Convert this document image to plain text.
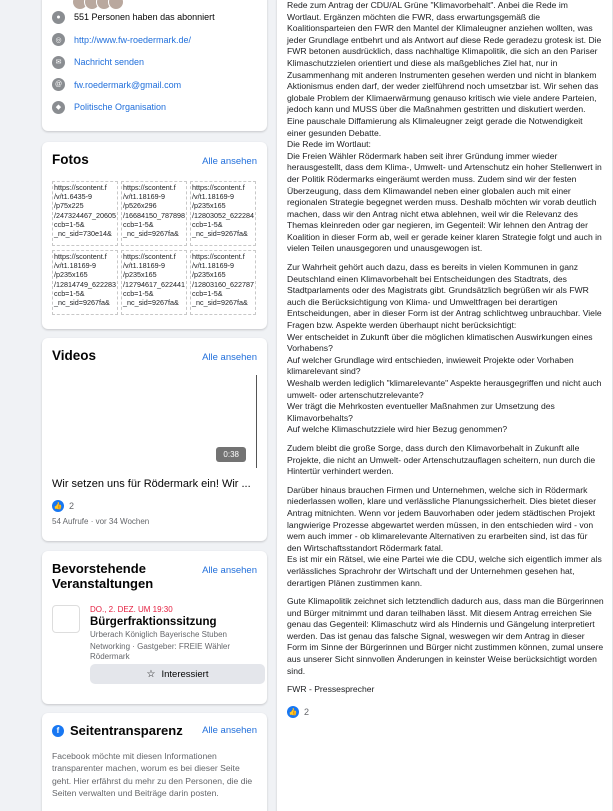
●	551 Personen haben das abonniert
◎	http://www.fw-roedermark.de/
✉	Nachricht senden
@	fw.roedermark@gmail.com
◆	Politische Organisation
Fotos	Alle ansehen
https://scontent.f
/v/t1.6435-9
/p75x225
/247324467_20605
ccb=1-5&
_nc_sid=730e14&
https://scontent.f
/v/t1.18169-9
/p526x296
/16684150_787898
ccb=1-5&
_nc_sid=9267fa&
https://scontent.f
/v/t1.18169-9
/p235x165
/12803052_622284
ccb=1-5&
_nc_sid=9267fa&
https://scontent.f
/v/t1.18169-9
/p235x165
/12814749_622283
ccb=1-5&
_nc_sid=9267fa&
https://scontent.f
/v/t1.18169-9
/p235x165
/12794617_622441
ccb=1-5&
_nc_sid=9267fa&
https://scontent.f
/v/t1.18169-9
/p235x165
/12803160_622787
ccb=1-5&
_nc_sid=9267fa&
Videos	Alle ansehen
0:38
Wir setzen uns für Rödermark ein! Wir ...
👍 2
54 Aufrufe · vor 34 Wochen
Bevorstehende Veranstaltungen
Alle ansehen
DO., 2. DEZ. UM 19:30
Bürgerfraktionssitzung
Urberach Königlich Bayerische Stuben
Networking · Gastgeber: FREIE Wähler Rödermark
☆ Interessiert
f Seitentransparenz Alle ansehen
Facebook möchte mit diesen Informationen transparenter machen, worum es bei dieser Seite geht. Hier erfährst du mehr zu den Personen, die die Seiten verwalten und Beiträge darin posten.

Rede zum Antrag der CDU/AL Grüne "Klimavorbehalt". Anbei die Rede im Wortlaut. Ergänzen möchten die FWR, dass erwartungsgemäß die Koalitionsparteien den FWR den Mantel der Klimaleugner anziehen wollten, was jeder Grundlage entbehrt und als Antwort auf diese Rede geradezu grotesk ist. Die FWR betonen ausdrücklich, dass nachhaltige Klimapolitik, die sich an den Pariser Klimaschutzzielen orientiert und diese als maßgebliches Ziel hat, nur in Zusammenhang mit anderen Instrumenten gesehen werden und nicht in blankem Aktionismus enden darf, der weder zielführend noch umsetzbar ist. Wir sehen das globale Problem der Klimaerwärmung genauso kritisch wie viele andere Parteien, jedoch kann und MUSS über die Maßnahmen gestritten und diskutiert werden. Eine pauschale Diffamierung als Klimaleugner zeigt gerade die Notwendigkeit einer gesunden Debatte.
Die Rede im Wortlaut:
Die Freien Wähler Rödermark haben seit ihrer Gründung immer wieder herausgestellt, dass dem Klima-, Umwelt- und Artenschutz ein hoher Stellenwert in der Politik Rödermarks eingeräumt werden muss. Zudem sind wir der festen Überzeugung, dass dem Klimawandel neben einer globalen auch mit einer regionalen Strategie begegnet werden muss. Deshalb möchten wir vorab deutlich machen, dass wir den Antrag nicht etwa ablehnen, weil wir die Relevanz des Themas kleinreden oder gar negieren, im Gegenteil: Wir lehnen den Antrag der Koalition in dieser Form ab, weil er gerade keiner klaren Strategie folgt und auch in vielen Teilen unausgegoren und unausgewogen ist.

Zur Wahrheit gehört auch dazu, dass es bereits in vielen Kommunen in ganz Deutschland einen Klimavorbehalt bei Entscheidungen des Stadtrats, des Stadtparlaments oder des Magistrats gibt. Grundsätzlich begrüßen wir als FWR auch die Berücksichtigung von Klima- und Umweltfragen bei derartigen Entscheidungen, aber in dieser Form ist der Antrag schlichtweg unbrauchbar. Viele Fragen bzw. Aspekte werden überhaupt nicht berücksichtigt:
Wer entscheidet in Zukunft über die möglichen klimatischen Auswirkungen eines Vorhabens?
Auf welcher Grundlage wird entschieden, inwieweit Projekte oder Vorhaben klimarelevant sind?
Weshalb werden lediglich "klimarelevante" Aspekte herausgegriffen und nicht auch umwelt- oder artenschutzrelevante?
Wer trägt die Mehrkosten eventueller Maßnahmen zur Umsetzung des Klimavorbehalts?
Auf welche Klimaschutzziele wird hier Bezug genommen?

Zudem bleibt die große Sorge, dass durch den Klimavorbehalt in Zukunft alle Projekte, die nicht an Umwelt- oder Artenschutzauflagen scheitern, nun durch die Hintertür verhindert werden.

Darüber hinaus brauchen Firmen und Unternehmen, welche sich in Rödermark niederlassen wollen, klare und verlässliche Planungssicherheit. Dies bietet dieser Antrag mitnichten. Wenn vor jedem Bauvorhaben oder jedem städtischen Projekt langwierige Prozesse abgewartet werden müssen, in den entschieden wird - von wem auch immer - ob klimarelevante Alternativen zu erarbeiten sind, ist das für den Wirtschaftsstandort Rödermark fatal.
Es ist mir ein Rätsel, wie eine Partei wie die CDU, welche sich eigentlich immer als verlässliches Sprachrohr der Wirtschaft und der Unternehmen gesehen hat, derartigen Plänen zustimmen kann.

Gute Klimapolitik zeichnet sich letztendlich dadurch aus, dass man die Bürgerinnen und Bürger mitnimmt und daran teilhaben lässt. Mit diesem Antrag erreichen Sie genau das Gegenteil: Klimaschutz wird als Hindernis und Gängelung interpretiert werden. Das ist genau das falsche Signal, weswegen wir dem Antrag in dieser Form im Sinne der Bürgerinnen und Bürger nicht zustimmen können, zumal unsere aus unserer Sicht sinnvollen Änderungen in keinster Weise berücksichtigt worden sind.

FWR - Pressesprecher

👍 2
